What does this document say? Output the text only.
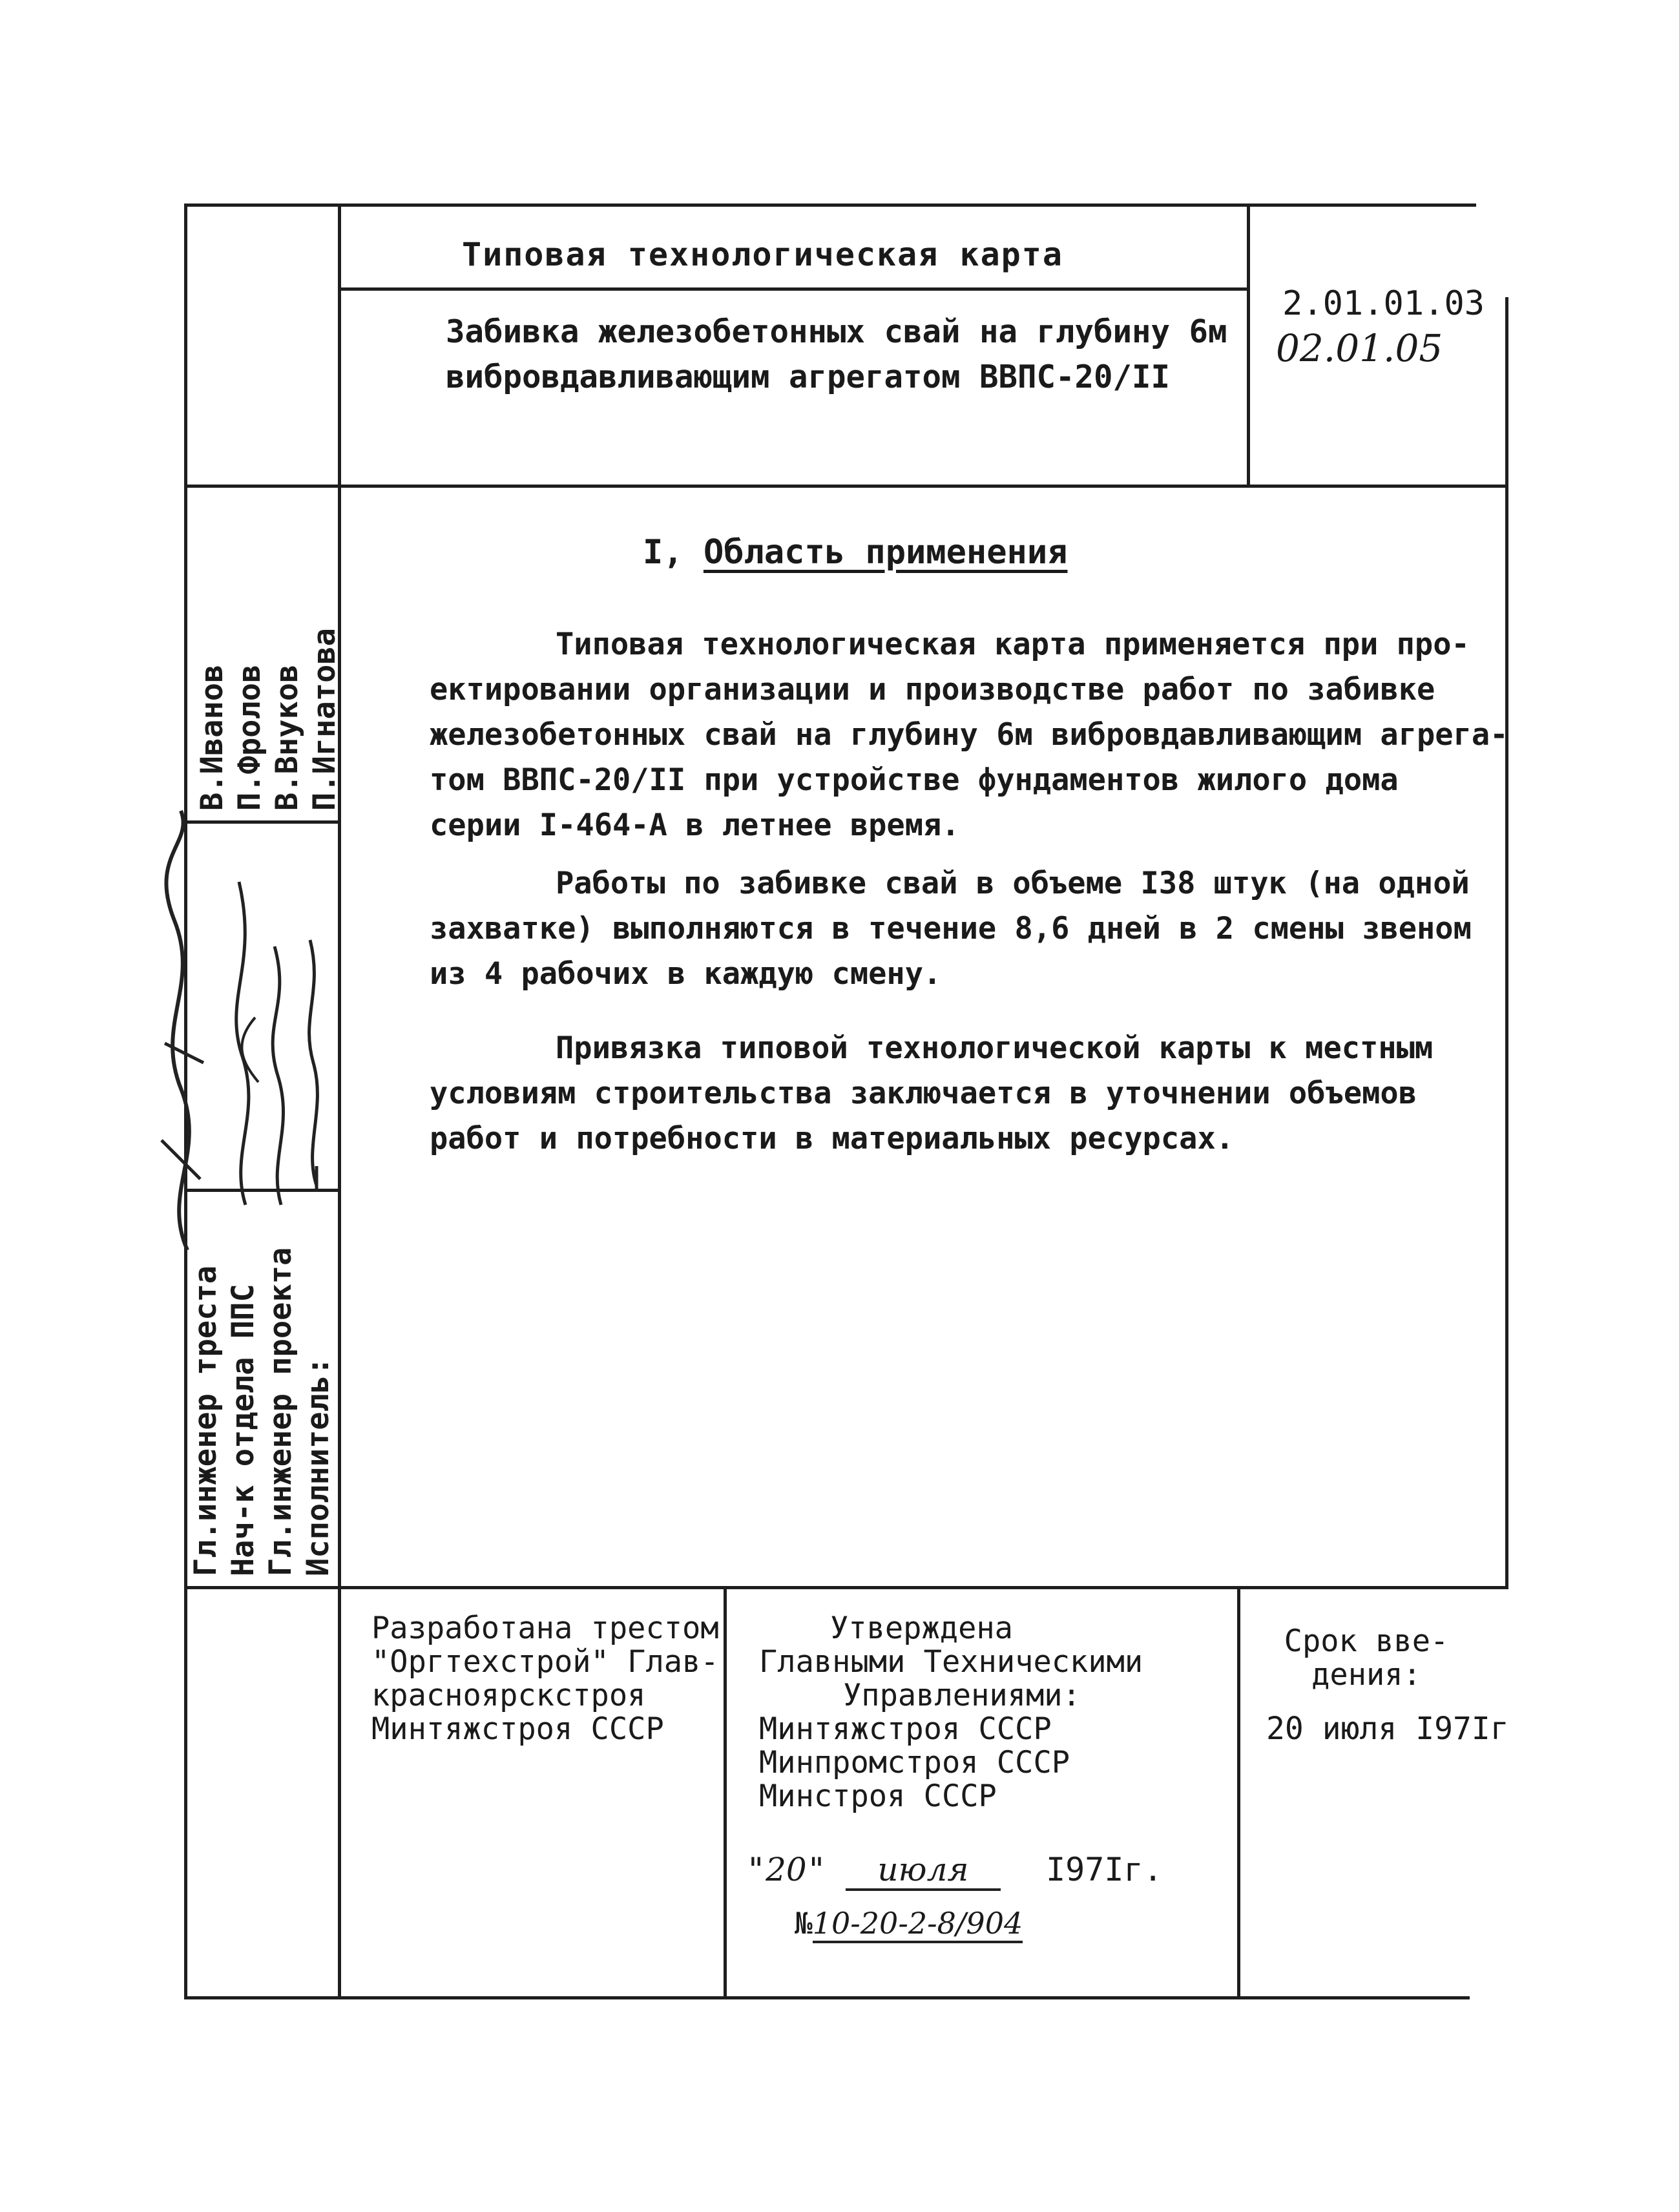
Типовая технологическая карта
Забивка железобетонных свай на глубину 6м
вибровдавливающим агрегатом ВВПС-20/II
2.01.01.03
02.01.05
I, Область применения
Типовая технологическая карта применяется при про-
ектировании организации и производстве работ по забивке
железобетонных свай на глубину 6м вибровдавливающим агрега-
том ВВПС-20/II при устройстве фундаментов жилого дома
серии I-464-А в летнее время.
Работы по забивке свай в объеме I38 штук (на одной
захватке) выполняются в течение 8,6 дней в 2 смены звеном
из 4 рабочих в каждую смену.
Привязка типовой технологической карты к местным
условиям строительства заключается в уточнении объемов
работ и потребности в материальных ресурсах.
В.Иванов
П.Фролов
В.Внуков
П.Игнатова
Гл.инженер треста
Нач-к отдела ППС
Гл.инженер проекта
Исполнитель:
Разработана трестом
"Оргтехстрой" Глав-
красноярскстроя
Минтяжстроя СССР
Утверждена
Главными Техническими
Управлениями:
Минтяжстроя СССР
Минпромстроя СССР
Минстроя СССР
"20" июля I97Iг.
№10-20-2-8/904
Срок вве-
дения:
20 июля I97Iг
